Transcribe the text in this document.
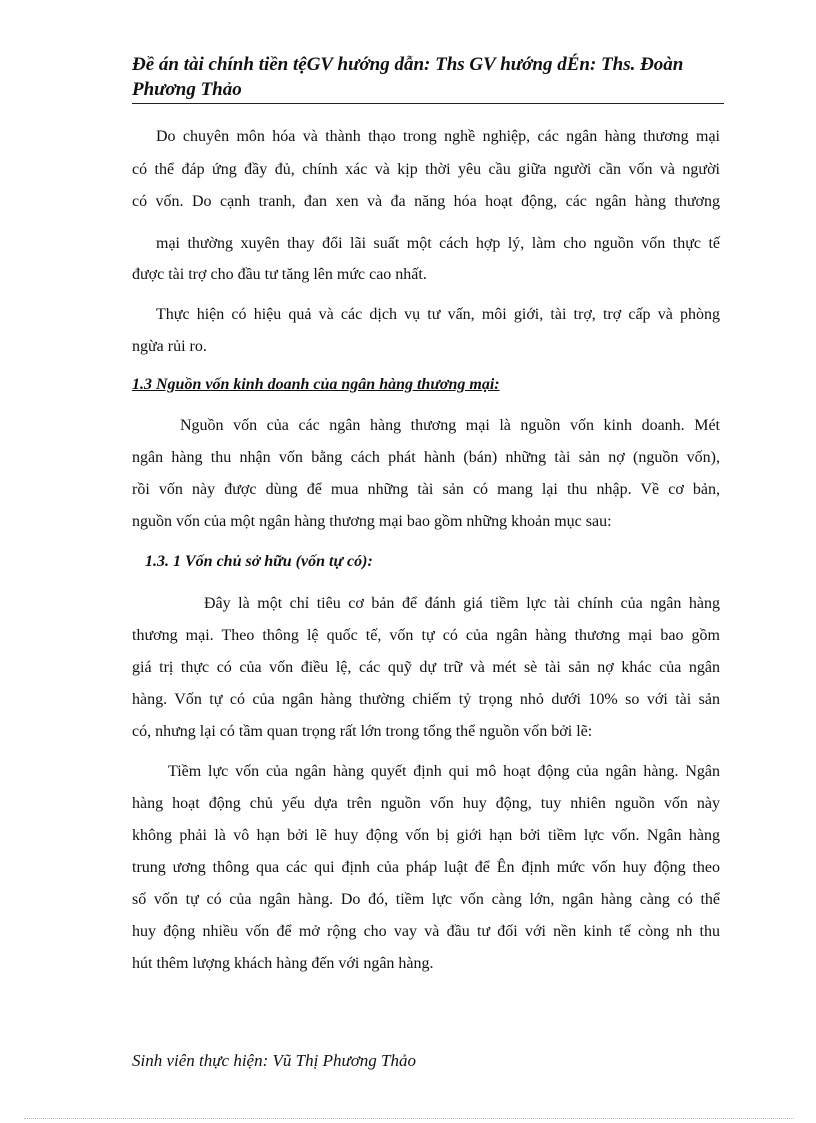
Đề án tài chính tiền tệGV hướng dẫn: Ths GV hướng dÉn: Ths. Đoàn
Phương Thảo
Do chuyên môn hóa và thành thạo trong nghề nghiệp, các ngân hàng thương mại
có thể đáp ứng đầy đủ, chính xác và kịp thời yêu cầu giữa người cần vốn và người
có vốn. Do cạnh tranh, đan xen và đa năng hóa hoạt động, các ngân hàng thương
mại thường xuyên thay đổi lãi suất một cách hợp lý, làm cho nguồn vốn thực tế
được tài trợ cho đầu tư tăng lên mức cao nhất.
Thực hiện có hiệu quả và các dịch vụ tư vấn, môi giới, tài trợ, trợ cấp và phòng
ngừa rủi ro.
1.3 Nguồn vốn kinh doanh của ngân hàng thương mại:
Nguồn vốn của các ngân hàng thương mại là nguồn vốn kinh doanh. Mét
ngân hàng thu nhận vốn bằng cách phát hành (bán) những tài sản nợ (nguồn vốn),
rồi vốn này được dùng để mua những tài sản có mang lại thu nhập. Về cơ bản,
nguồn vốn của một ngân hàng thương mại bao gồm những khoản mục sau:
1.3. 1 Vốn chủ sở hữu (vốn tự có):
Đây là một chỉ tiêu cơ bản để đánh giá tiềm lực tài chính của ngân hàng
thương mại. Theo thông lệ quốc tế, vốn tự có của ngân hàng thương mại bao gồm
giá trị thực có của vốn điều lệ, các quỹ dự trữ và mét sè tài sản nợ khác của ngân
hàng. Vốn tự có của ngân hàng thường chiếm tỷ trọng nhỏ dưới 10% so với tài sản
có, nhưng lại có tầm quan trọng rất lớn trong tổng thể nguồn vốn bởi lẽ:
Tiềm lực vốn của ngân hàng quyết định qui mô hoạt động của ngân hàng. Ngân
hàng hoạt động chủ yếu dựa trên nguồn vốn huy động, tuy nhiên nguồn vốn này
không phải là vô hạn bởi lẽ huy động vốn bị giới hạn bởi tiềm lực vốn. Ngân hàng
trung ương thông qua các qui định của pháp luật để Ên định mức vốn huy động theo
số vốn tự có của ngân hàng. Do đó, tiềm lực vốn càng lớn, ngân hàng càng có thể
huy động nhiều vốn để mở rộng cho vay và đầu tư đối với nền kinh tế còng nh thu
hút thêm lượng khách hàng đến với ngân hàng.
Sinh viên thực hiện: Vũ Thị Phương Thảo
